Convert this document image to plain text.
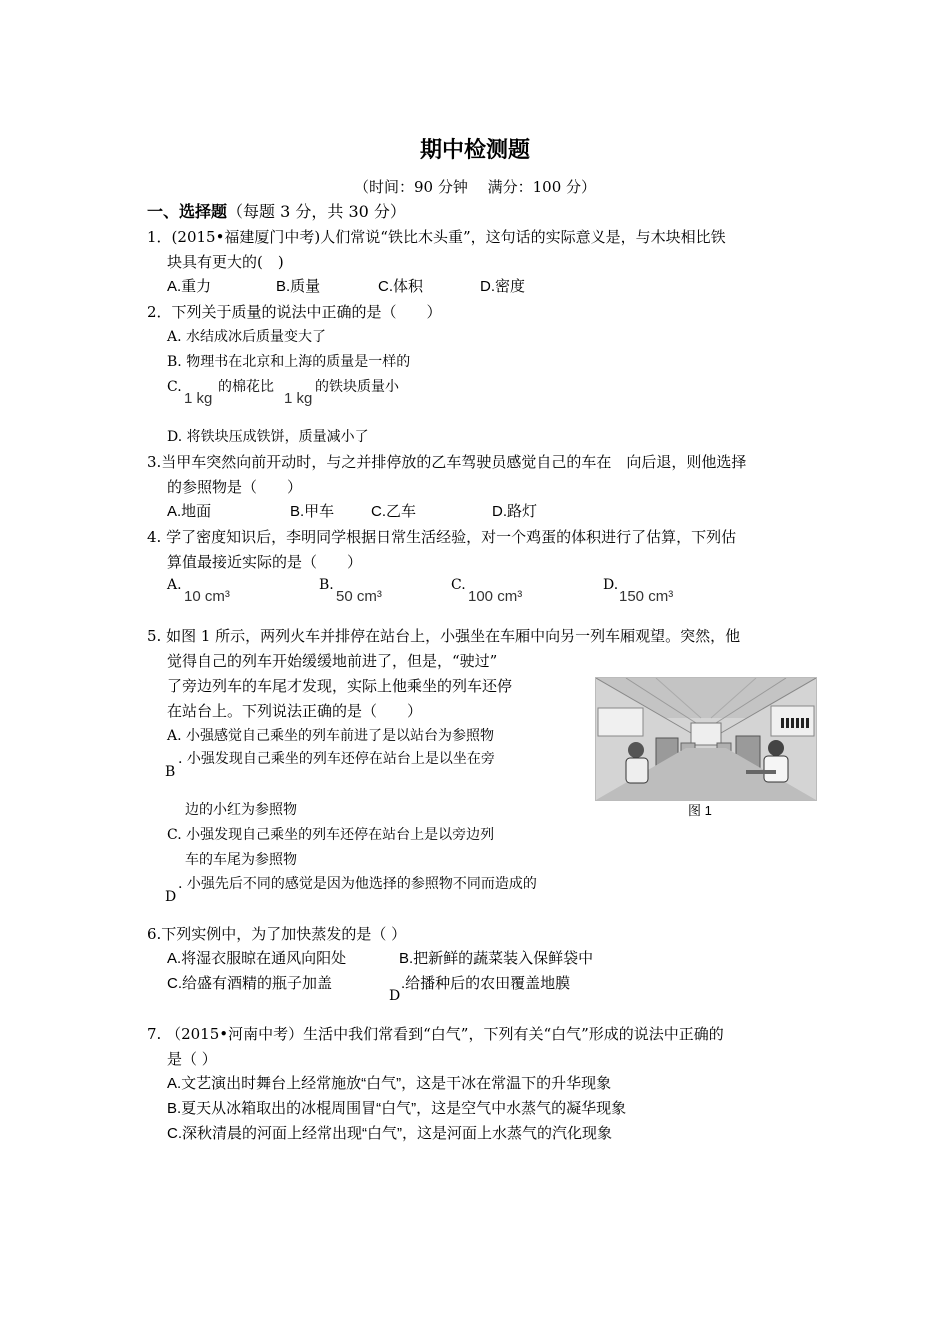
期中检测题
（时间：90 分钟　 满分：100 分）
一、选择题（每题 3 分，共 30 分）
1．(2015•福建厦门中考)人们常说“铁比木头重”，这句话的实际意义是，与木块相比铁
块具有更大的(　)
A.重力	B.质量	C.体积	D.密度
2．下列关于质量的说法中正确的是（　　）
A. 水结成冰后质量变大了
B. 物理书在北京和上海的质量是一样的
C.
1 kg
的棉花比
1 kg
的铁块质量小
D. 将铁块压成铁饼，质量减小了
3.当甲车突然向前开动时，与之并排停放的乙车驾驶员感觉自己的车在　向后退，则他选择
的参照物是（　　）
A.地面	B.甲车 C.乙车	D.路灯
4. 学了密度知识后，李明同学根据日常生活经验，对一个鸡蛋的体积进行了估算，下列估
算值最接近实际的是（　　）
A.
10 cm³
B.
50 cm³
C.
100 cm³
D.
150 cm³
5. 如图 1 所示，两列火车并排停在站台上，小强坐在车厢中向另一列车厢观望。突然，他
觉得自己的列车开始缓缓地前进了，但是，“驶过”
了旁边列车的车尾才发现，实际上他乘坐的列车还停
在站台上。下列说法正确的是（　　）
A. 小强感觉自己乘坐的列车前进了是以站台为参照物
B
. 小强发现自己乘坐的列车还停在站台上是以坐在旁
边的小红为参照物
C. 小强发现自己乘坐的列车还停在站台上是以旁边列
车的车尾为参照物
D
. 小强先后不同的感觉是因为他选择的参照物不同而造成的
图 1
6.下列实例中，为了加快蒸发的是（ ）
A.将湿衣服晾在通风向阳处	B.把新鲜的蔬菜装入保鲜袋中
C.给盛有酒精的瓶子加盖
D
.给播种后的农田覆盖地膜
7. （2015•河南中考）生活中我们常看到“白气”，下列有关“白气”形成的说法中正确的
是（ ）
A.文艺演出时舞台上经常施放“白气”，这是干冰在常温下的升华现象
B.夏天从冰箱取出的冰棍周围冒“白气”，这是空气中水蒸气的凝华现象
C.深秋清晨的河面上经常出现“白气”，这是河面上水蒸气的汽化现象
